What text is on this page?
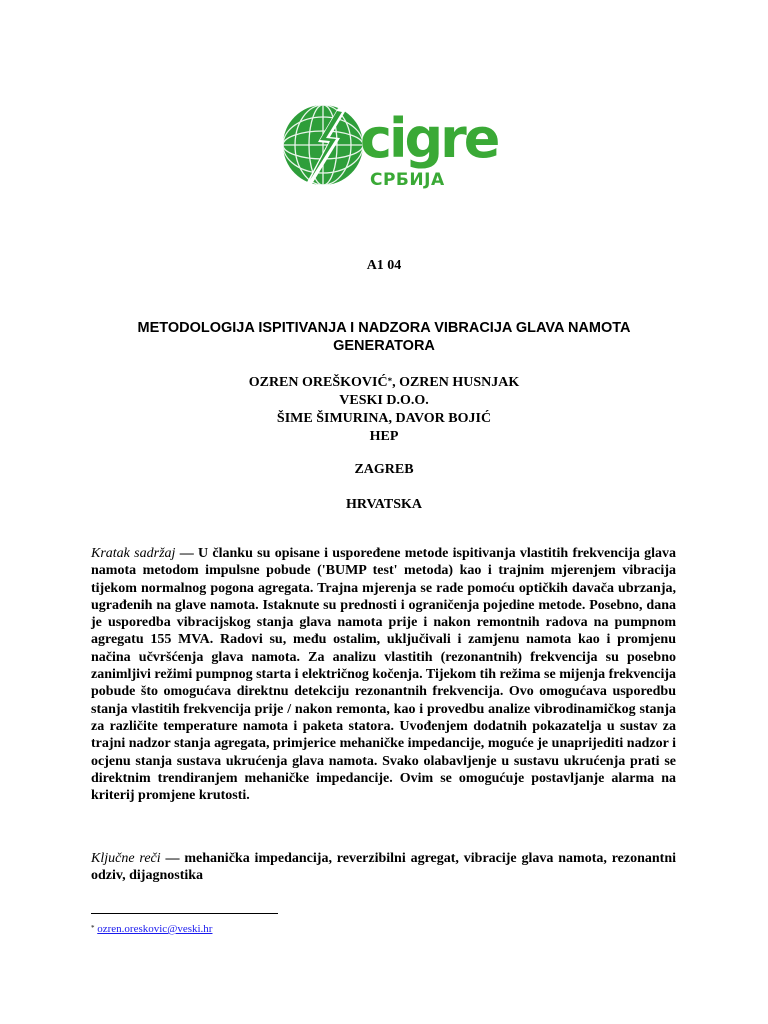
cigre
СРБИЈА
A1 04
METODOLOGIJA ISPITIVANJA I NADZORA VIBRACIJA GLAVA NAMOTA
GENERATORA
OZREN OREŠKOVIĆ*, OZREN HUSNJAK
VESKI D.O.O.
ŠIME ŠIMURINA, DAVOR BOJIĆ
HEP
ZAGREB
HRVATSKA

Kratak sadržaj — U članku su opisane i uspoređene metode ispitivanja vlastitih frekvencija glava namota metodom impulsne pobude ('BUMP test' metoda) kao i trajnim mjerenjem vibracija tijekom normalnog pogona agregata. Trajna mjerenja se rade pomoću optičkih davača ubrzanja, ugrađenih na glave namota. Istaknute su prednosti i ograničenja pojedine metode. Posebno, dana je usporedba vibracijskog stanja glava namota prije i nakon remontnih radova na pumpnom agregatu 155 MVA. Radovi su, među ostalim, uključivali i zamjenu namota kao i promjenu načina učvršćenja glava namota. Za analizu vlastitih (rezonantnih) frekvencija su posebno zanimljivi režimi pumpnog starta i električnog kočenja. Tijekom tih režima se mijenja frekvencija pobude što omogućava direktnu detekciju rezonantnih frekvencija. Ovo omogućava usporedbu stanja vlastitih frekvencija prije / nakon remonta, kao i provedbu analize vibrodinamičkog stanja za različite temperature namota i paketa statora. Uvođenjem dodatnih pokazatelja u sustav za trajni nadzor stanja agregata, primjerice mehaničke impedancije, moguće je unaprijediti nadzor i ocjenu stanja sustava ukrućenja glava namota. Svako olabavljenje u sustavu ukrućenja prati se direktnim trendiranjem mehaničke impedancije. Ovim se omogućuje postavljanje alarma na kriterij promjene krutosti.

Ključne reči — mehanička impedancija, reverzibilni agregat, vibracije glava namota, rezonantni odziv, dijagnostika

* ozren.oreskovic@veski.hr
